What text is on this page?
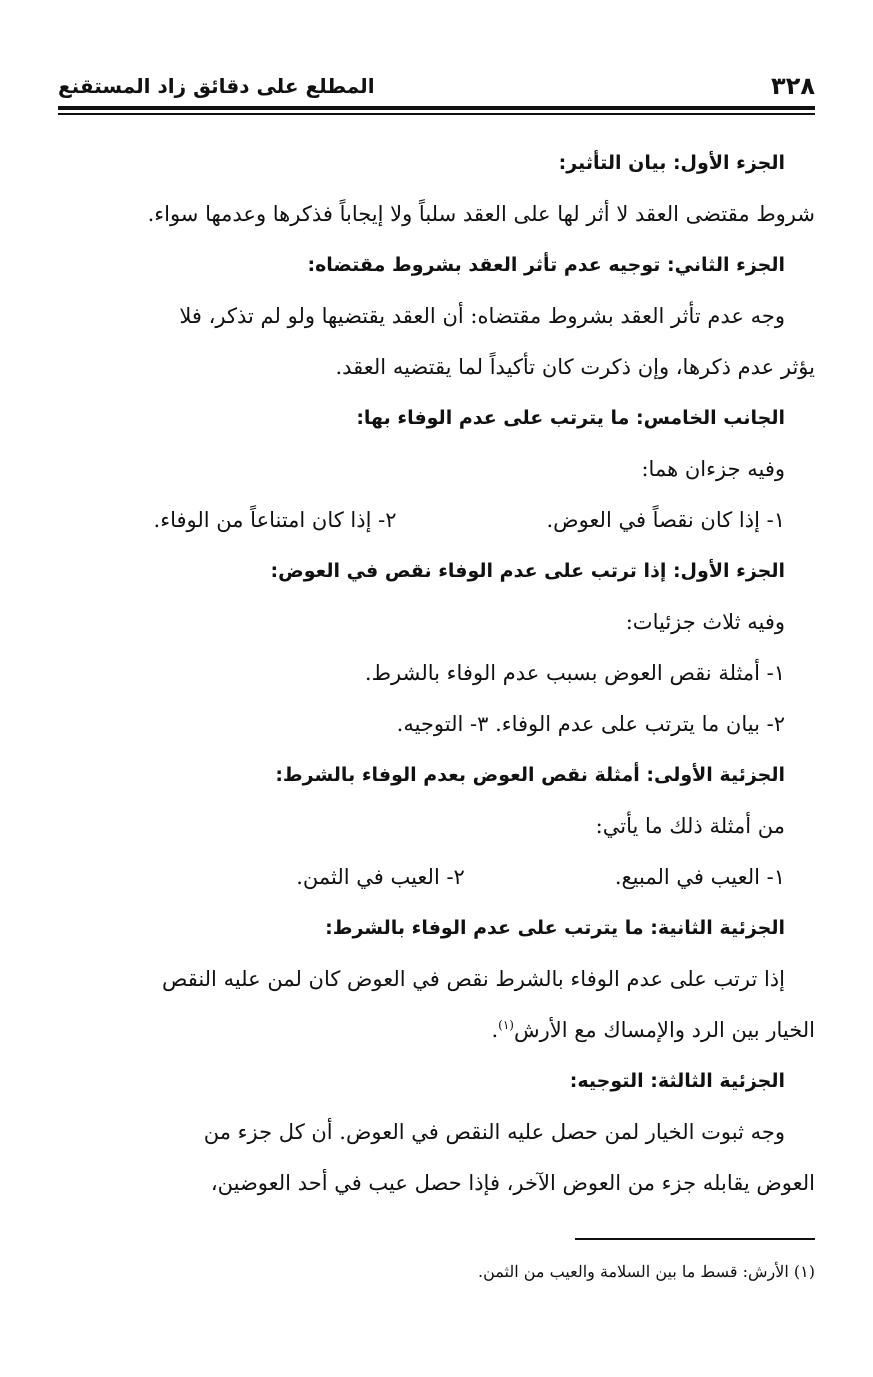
٣٢٨
المطلع على دقائق زاد المستقنع
الجزء الأول: بيان التأثير:
شروط مقتضى العقد لا أثر لها على العقد سلباً ولا إيجاباً فذكرها وعدمها سواء.
الجزء الثاني: توجيه عدم تأثر العقد بشروط مقتضاه:
وجه عدم تأثر العقد بشروط مقتضاه: أن العقد يقتضيها ولو لم تذكر، فلا
يؤثر عدم ذكرها، وإن ذكرت كان تأكيداً لما يقتضيه العقد.
الجانب الخامس: ما يترتب على عدم الوفاء بها:
وفيه جزءان هما:
١- إذا كان نقصاً في العوض.
٢- إذا كان امتناعاً من الوفاء.
الجزء الأول: إذا ترتب على عدم الوفاء نقص في العوض:
وفيه ثلاث جزئيات:
١- أمثلة نقص العوض بسبب عدم الوفاء بالشرط.
٢- بيان ما يترتب على عدم الوفاء. ٣- التوجيه.
الجزئية الأولى: أمثلة نقص العوض بعدم الوفاء بالشرط:
من أمثلة ذلك ما يأتي:
١- العيب في المبيع.
٢- العيب في الثمن.
الجزئية الثانية: ما يترتب على عدم الوفاء بالشرط:
إذا ترتب على عدم الوفاء بالشرط نقص في العوض كان لمن عليه النقص
الخيار بين الرد والإمساك مع الأرش$^{(١)}$.
الجزئية الثالثة: التوجيه:
وجه ثبوت الخيار لمن حصل عليه النقص في العوض. أن كل جزء من
العوض يقابله جزء من العوض الآخر، فإذا حصل عيب في أحد العوضين،
(١) الأرش: قسط ما بين السلامة والعيب من الثمن.
